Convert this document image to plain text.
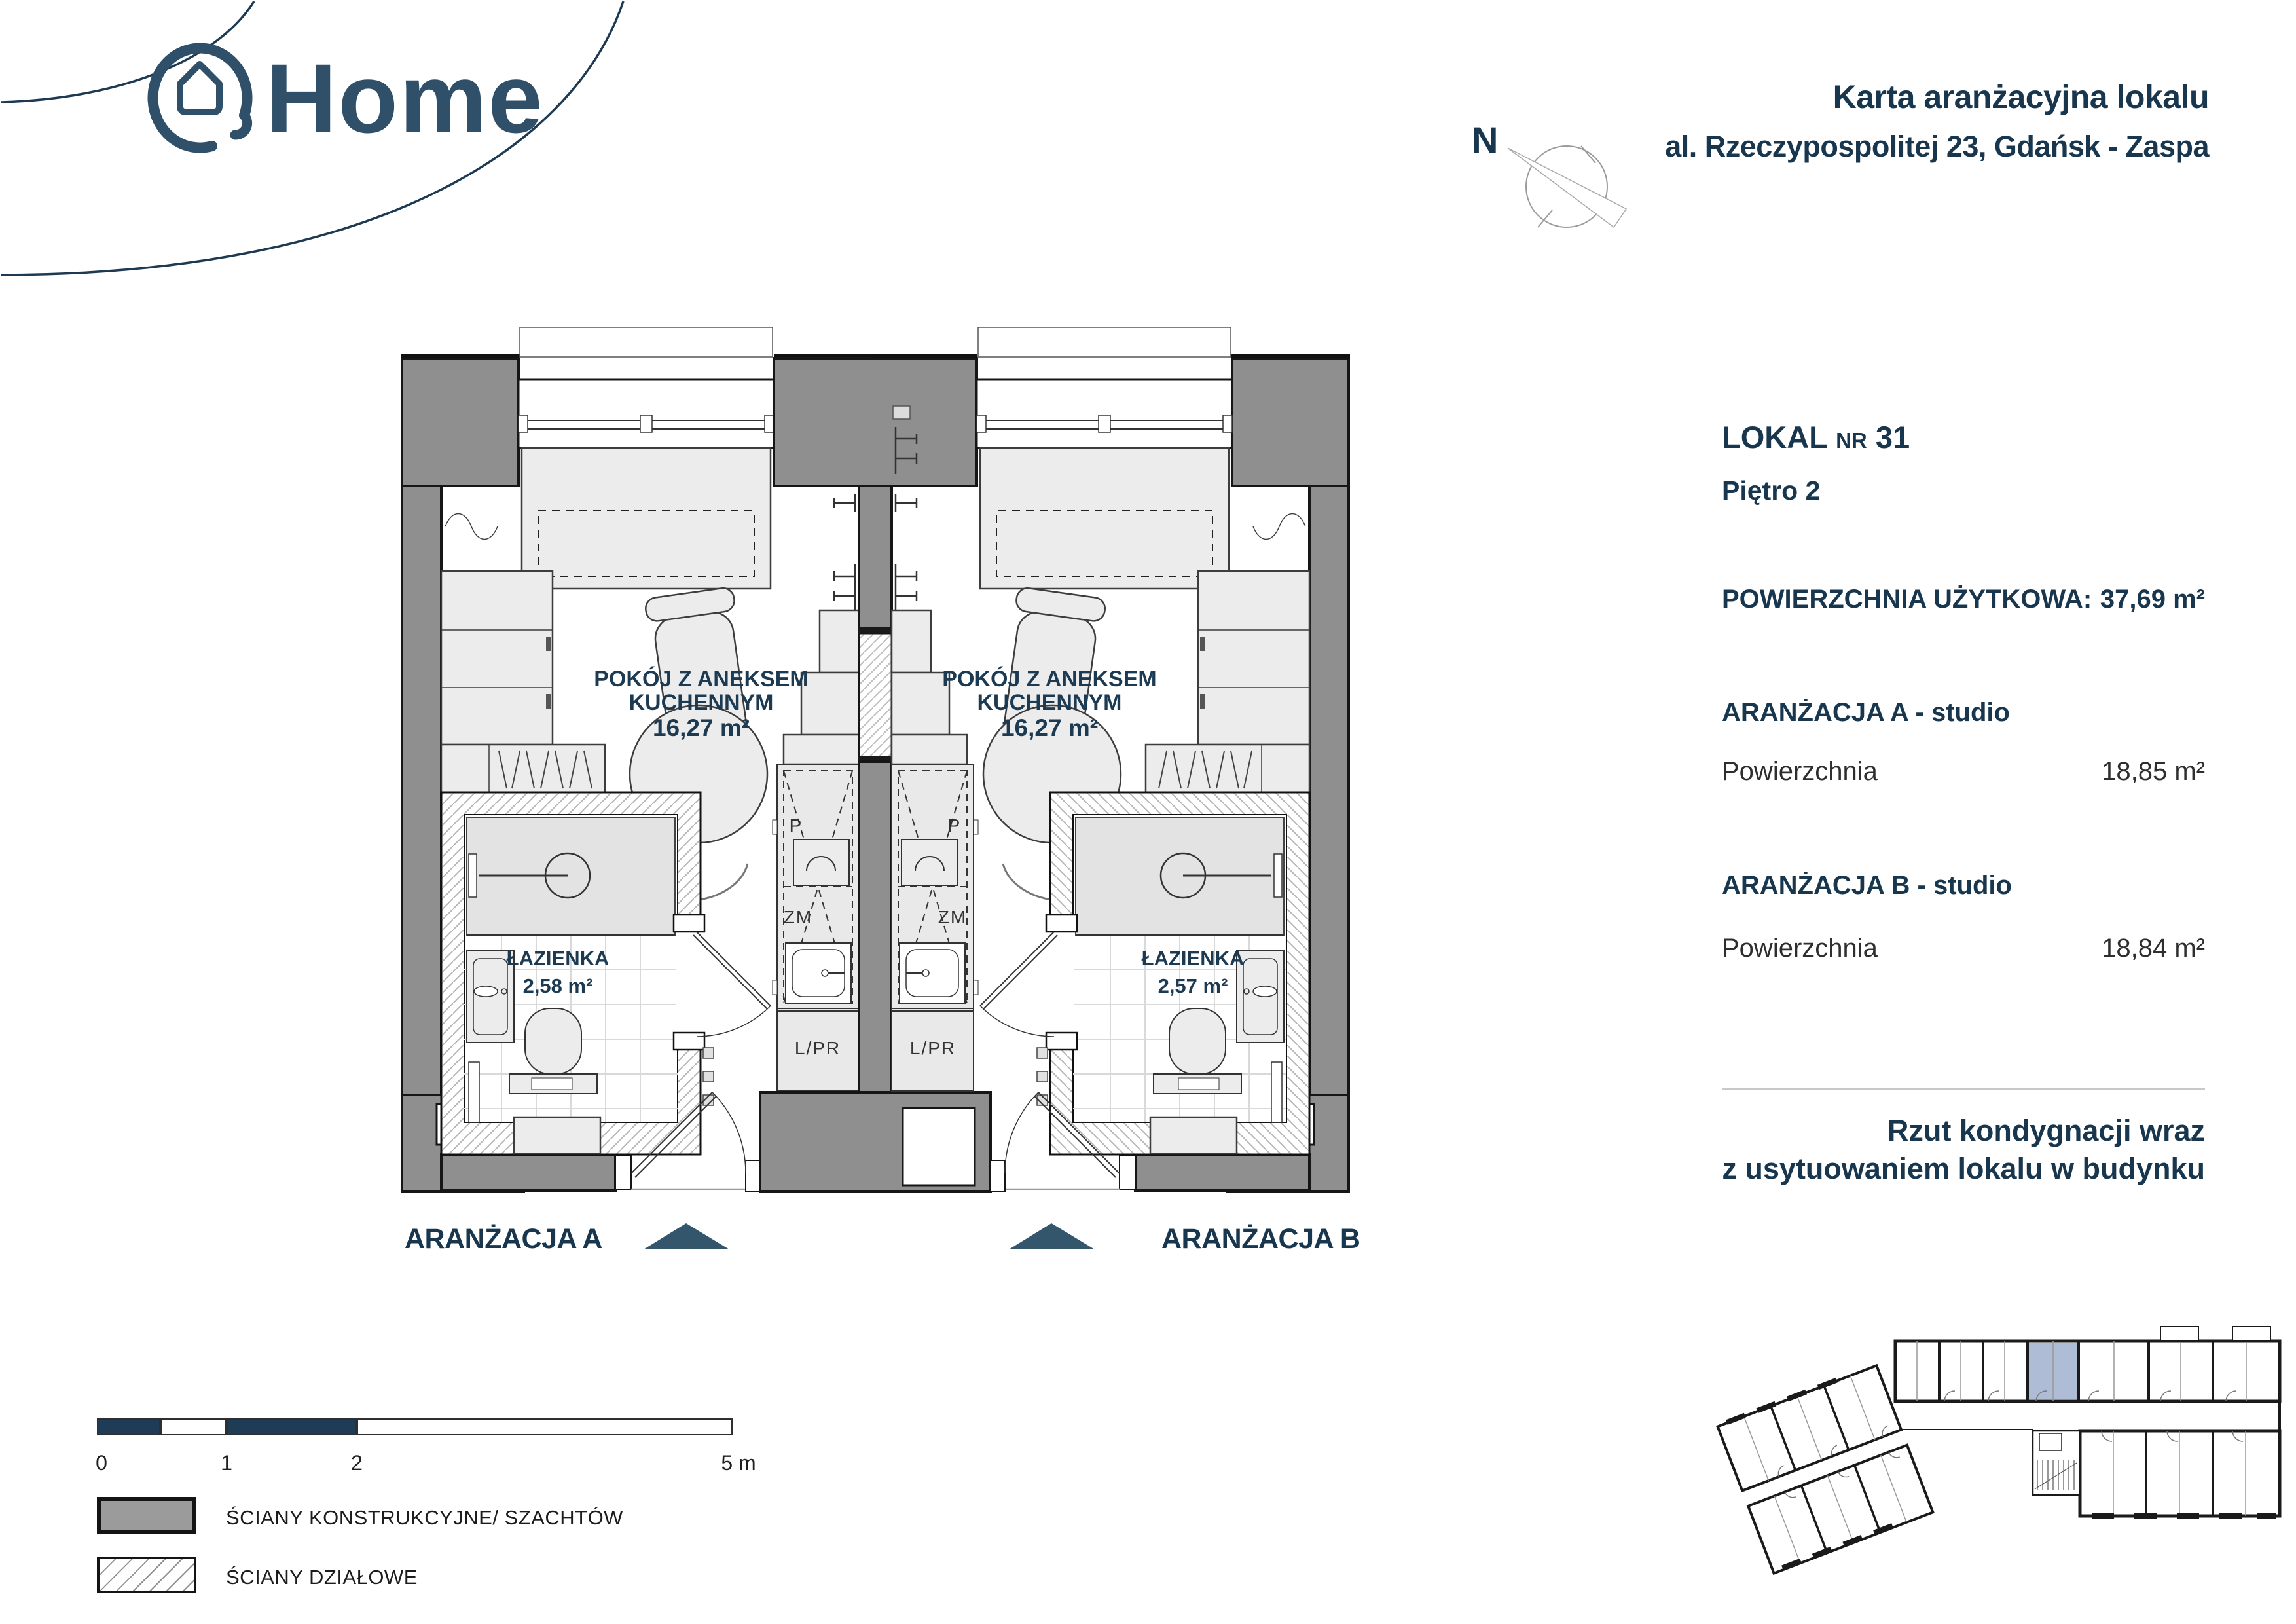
Home	N
Karta aranżacyjna lokalu
al. Rzeczypospolitej 23, Gdańsk - Zaspa
LOKAL NR 31
Piętro 2
POWIERZCHNIA UŻYTKOWA: 37,69 m²
ARANŻACJA A - studio
Powierzchnia	18,85 m²
ARANŻACJA B - studio
Powierzchnia	18,84 m²
Rzut kondygnacji wraz
z usytuowaniem lokalu w budynku
POKÓJ Z ANEKSEM
KUCHENNYM
16,27 m²
ŁAZIENKA
2,58 m²
P
ZM
L/PR
POKÓJ Z ANEKSEM
KUCHENNYM
16,27 m²
ŁAZIENKA
2,57 m²
P
ZM
L/PR
ARANŻACJA A	ARANŻACJA B
0	1	2	5 m
ŚCIANY KONSTRUKCYJNE/ SZACHTÓW
ŚCIANY DZIAŁOWE
